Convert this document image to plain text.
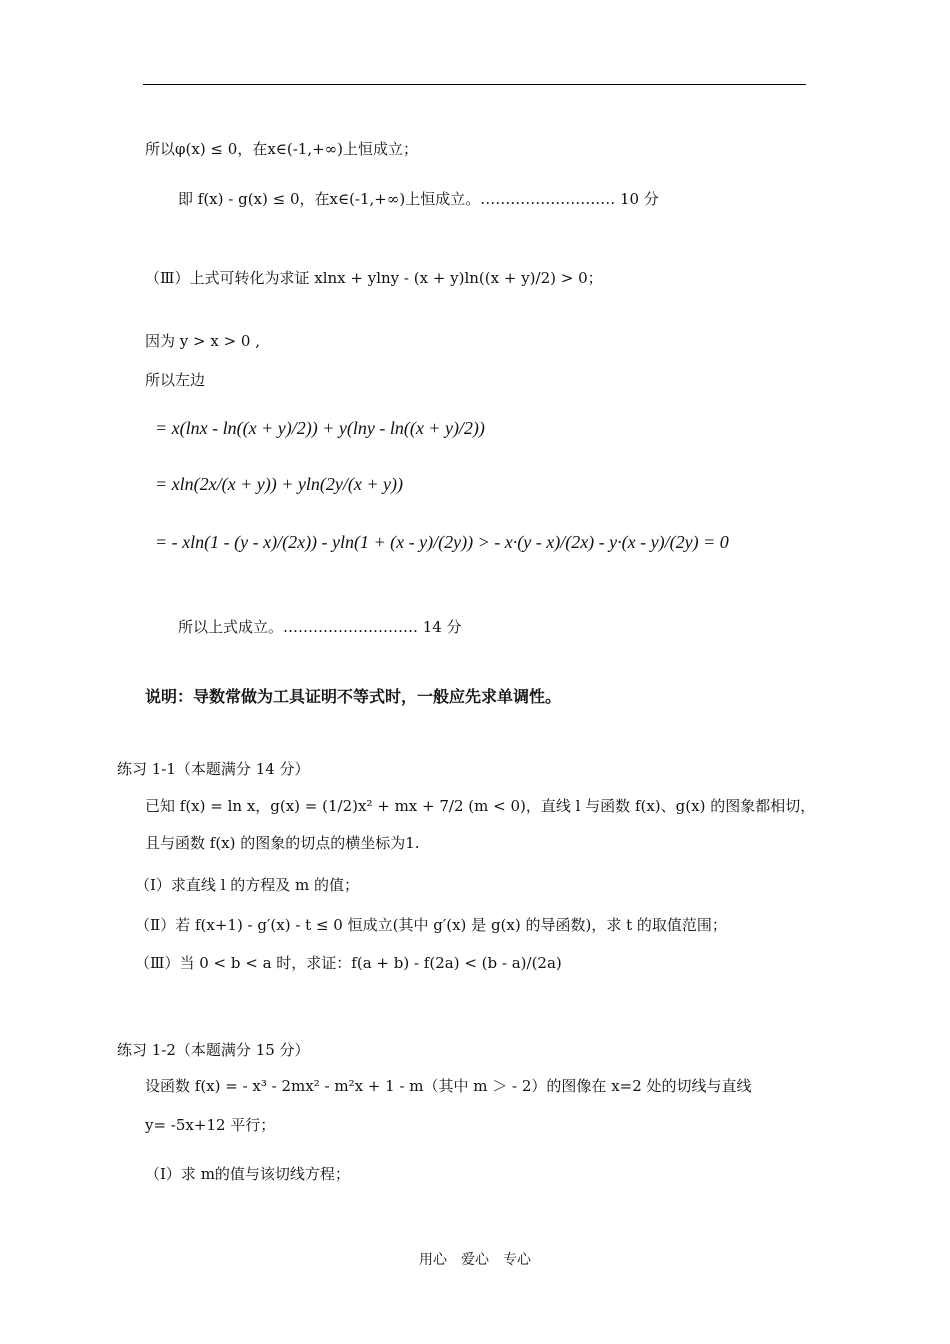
所以φ(x) ≤ 0，在x∈(-1,+∞)上恒成立；
即 f(x) - g(x) ≤ 0，在x∈(-1,+∞)上恒成立。……………………… 10 分
（Ⅲ）上式可转化为求证 xlnx + ylny - (x + y)ln((x + y)/2) > 0；
因为 y > x > 0 ,
所以左边
= x(lnx - ln((x + y)/2)) + y(lny - ln((x + y)/2))
= xln(2x/(x + y)) + yln(2y/(x + y))
= - xln(1 - (y - x)/(2x)) - yln(1 + (x - y)/(2y)) > - x·(y - x)/(2x) - y·(x - y)/(2y) = 0
所以上式成立。……………………… 14 分
说明：导数常做为工具证明不等式时，一般应先求单调性。
练习 1-1（本题满分 14 分）
已知 f(x) = ln x，g(x) = (1/2)x² + mx + 7/2 (m < 0)，直线 l 与函数 f(x)、g(x) 的图象都相切，
且与函数 f(x) 的图象的切点的横坐标为1.
（Ⅰ）求直线 l 的方程及 m 的值；
（Ⅱ）若 f(x+1) - g′(x) - t ≤ 0 恒成立(其中 g′(x) 是 g(x) 的导函数)，求 t 的取值范围；
（Ⅲ）当 0 < b < a 时，求证：f(a + b) - f(2a) < (b - a)/(2a)
练习 1-2（本题满分 15 分）
设函数 f(x) = - x³ - 2mx² - m²x + 1 - m（其中 m ＞ - 2）的图像在 x=2 处的切线与直线
y= -5x+12 平行；
（Ⅰ）求 m的值与该切线方程；
用心　爱心　专心
